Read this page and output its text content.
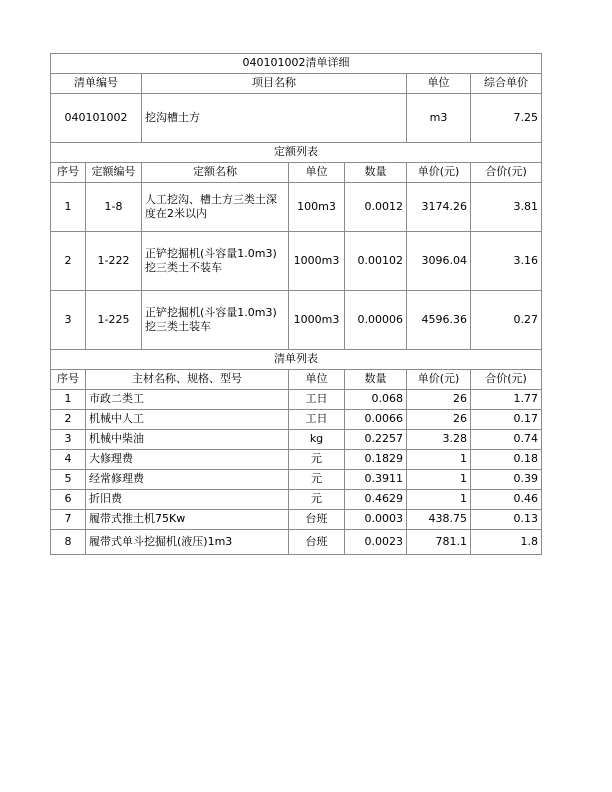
040101002清单详细						
清单编号		项目名称			单位	综合单价
040101002		挖沟槽土方			m3	7.25
定额列表						
序号	定额编号	定额名称	单位	数量	单价(元)	合价(元)
1	1-8	人工挖沟、槽土方三类土深度在2米以内	100m3	0.0012	3174.26	3.81
2	1-222	正铲挖掘机(斗容量1.0m3)挖三类土不装车	1000m3	0.00102	3096.04	3.16
3	1-225	正铲挖掘机(斗容量1.0m3)挖三类土装车	1000m3	0.00006	4596.36	0.27
清单列表						
序号	主材名称、规格、型号		单位	数量	单价(元)	合价(元)
1	市政二类工		工日	0.068	26	1.77
2	机械中人工		工日	0.0066	26	0.17
3	机械中柴油		kg	0.2257	3.28	0.74
4	大修理费		元	0.1829	1	0.18
5	经常修理费		元	0.3911	1	0.39
6	折旧费		元	0.4629	1	0.46
7	履带式推土机75Kw		台班	0.0003	438.75	0.13
8	履带式单斗挖掘机(液压)1m3		台班	0.0023	781.1	1.8
